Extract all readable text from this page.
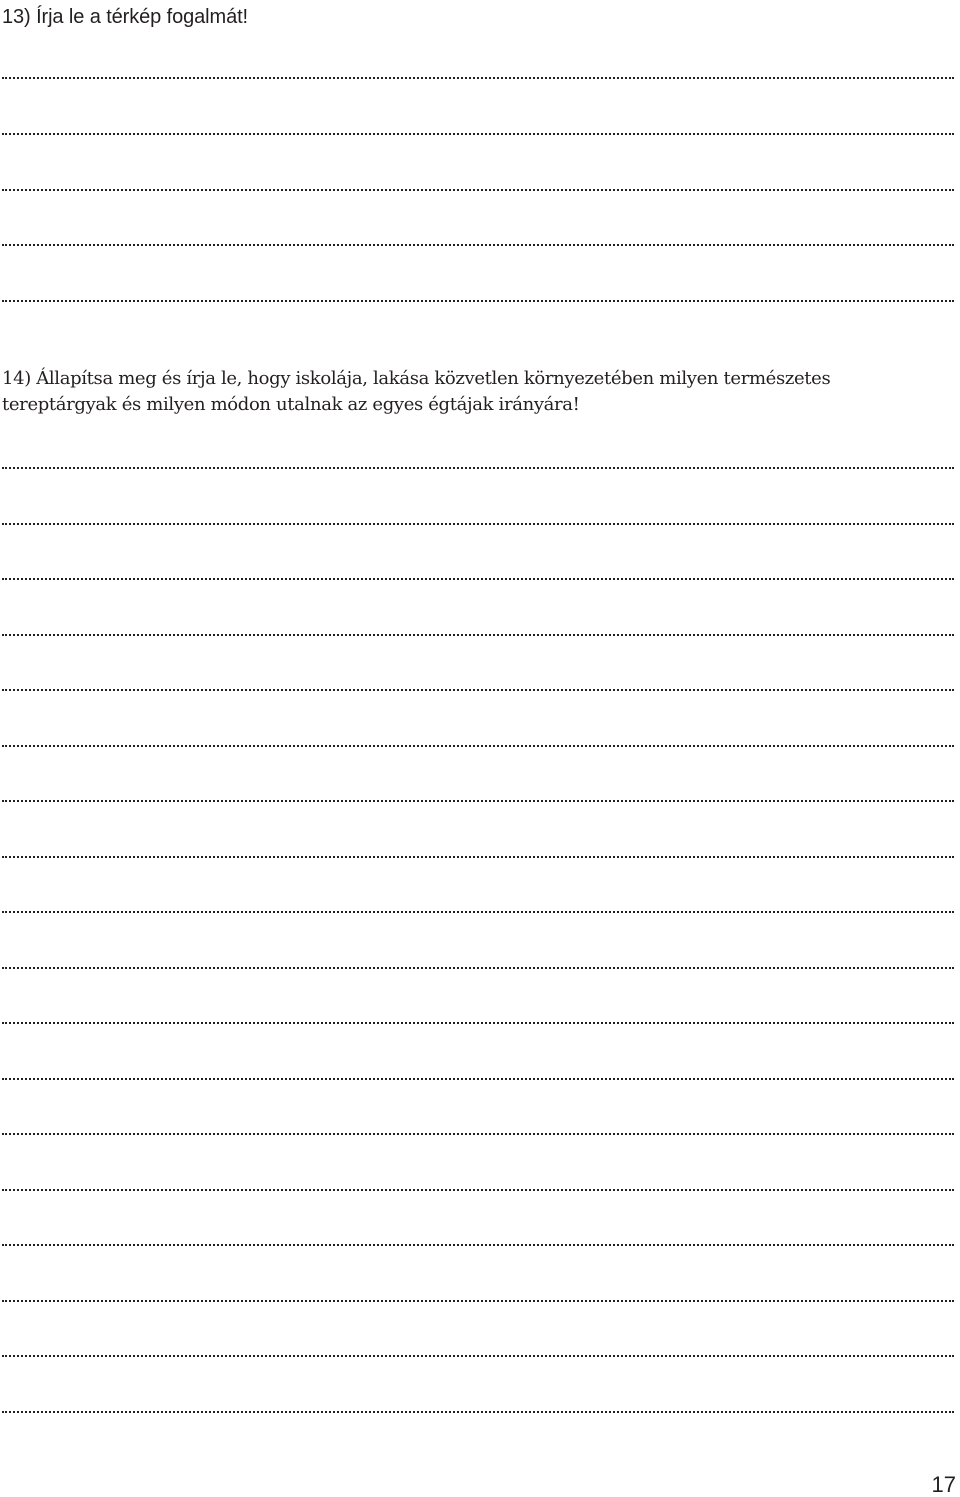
13) Írja le a térkép fogalmát!
14) Állapítsa meg és írja le, hogy iskolája, lakása közvetlen környezetében milyen természetes
tereptárgyak és milyen módon utalnak az egyes égtájak irányára!
17
